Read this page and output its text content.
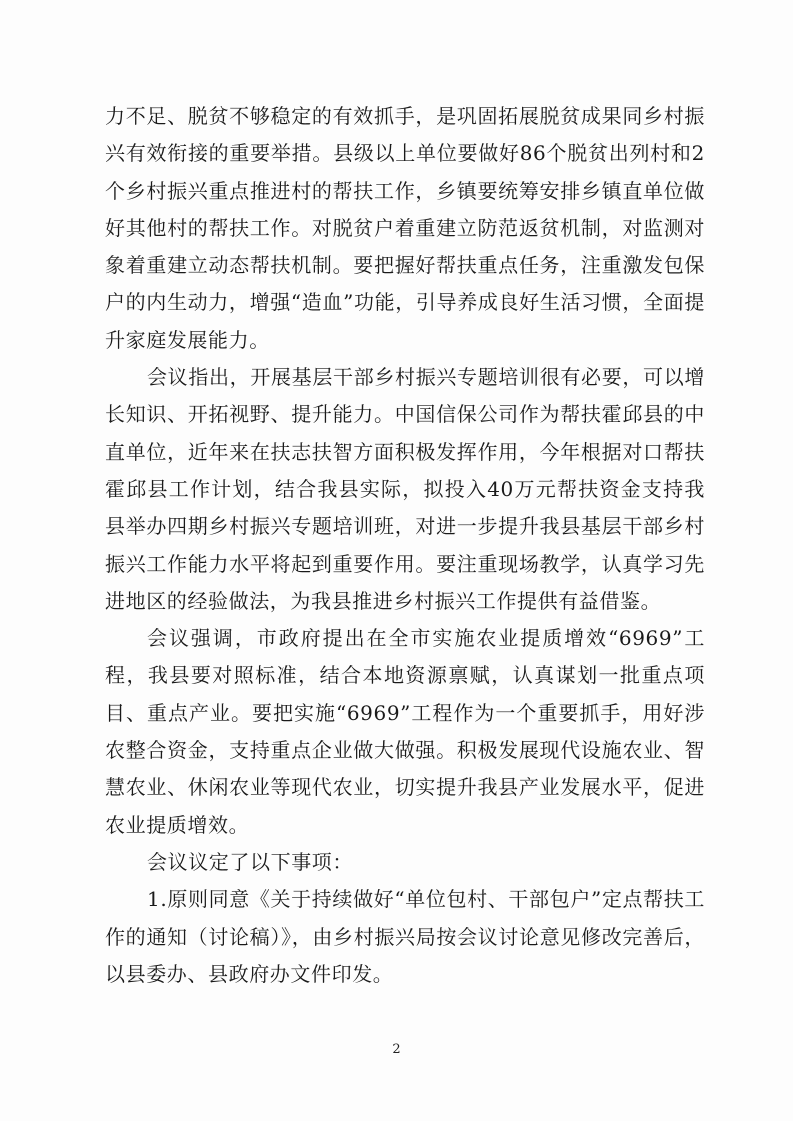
力不足、脱贫不够稳定的有效抓手，是巩固拓展脱贫成果同乡村振兴有效衔接的重要举措。县级以上单位要做好86个脱贫出列村和2个乡村振兴重点推进村的帮扶工作，乡镇要统筹安排乡镇直单位做好其他村的帮扶工作。对脱贫户着重建立防范返贫机制，对监测对象着重建立动态帮扶机制。要把握好帮扶重点任务，注重激发包保户的内生动力，增强“造血”功能，引导养成良好生活习惯，全面提升家庭发展能力。

会议指出，开展基层干部乡村振兴专题培训很有必要，可以增长知识、开拓视野、提升能力。中国信保公司作为帮扶霍邱县的中直单位，近年来在扶志扶智方面积极发挥作用，今年根据对口帮扶霍邱县工作计划，结合我县实际，拟投入40万元帮扶资金支持我县举办四期乡村振兴专题培训班，对进一步提升我县基层干部乡村振兴工作能力水平将起到重要作用。要注重现场教学，认真学习先进地区的经验做法，为我县推进乡村振兴工作提供有益借鉴。

会议强调，市政府提出在全市实施农业提质增效“6969”工程，我县要对照标准，结合本地资源禀赋，认真谋划一批重点项目、重点产业。要把实施“6969”工程作为一个重要抓手，用好涉农整合资金，支持重点企业做大做强。积极发展现代设施农业、智慧农业、休闲农业等现代农业，切实提升我县产业发展水平，促进农业提质增效。

会议议定了以下事项：

1.原则同意《关于持续做好“单位包村、干部包户”定点帮扶工作的通知（讨论稿）》，由乡村振兴局按会议讨论意见修改完善后，以县委办、县政府办文件印发。

2
